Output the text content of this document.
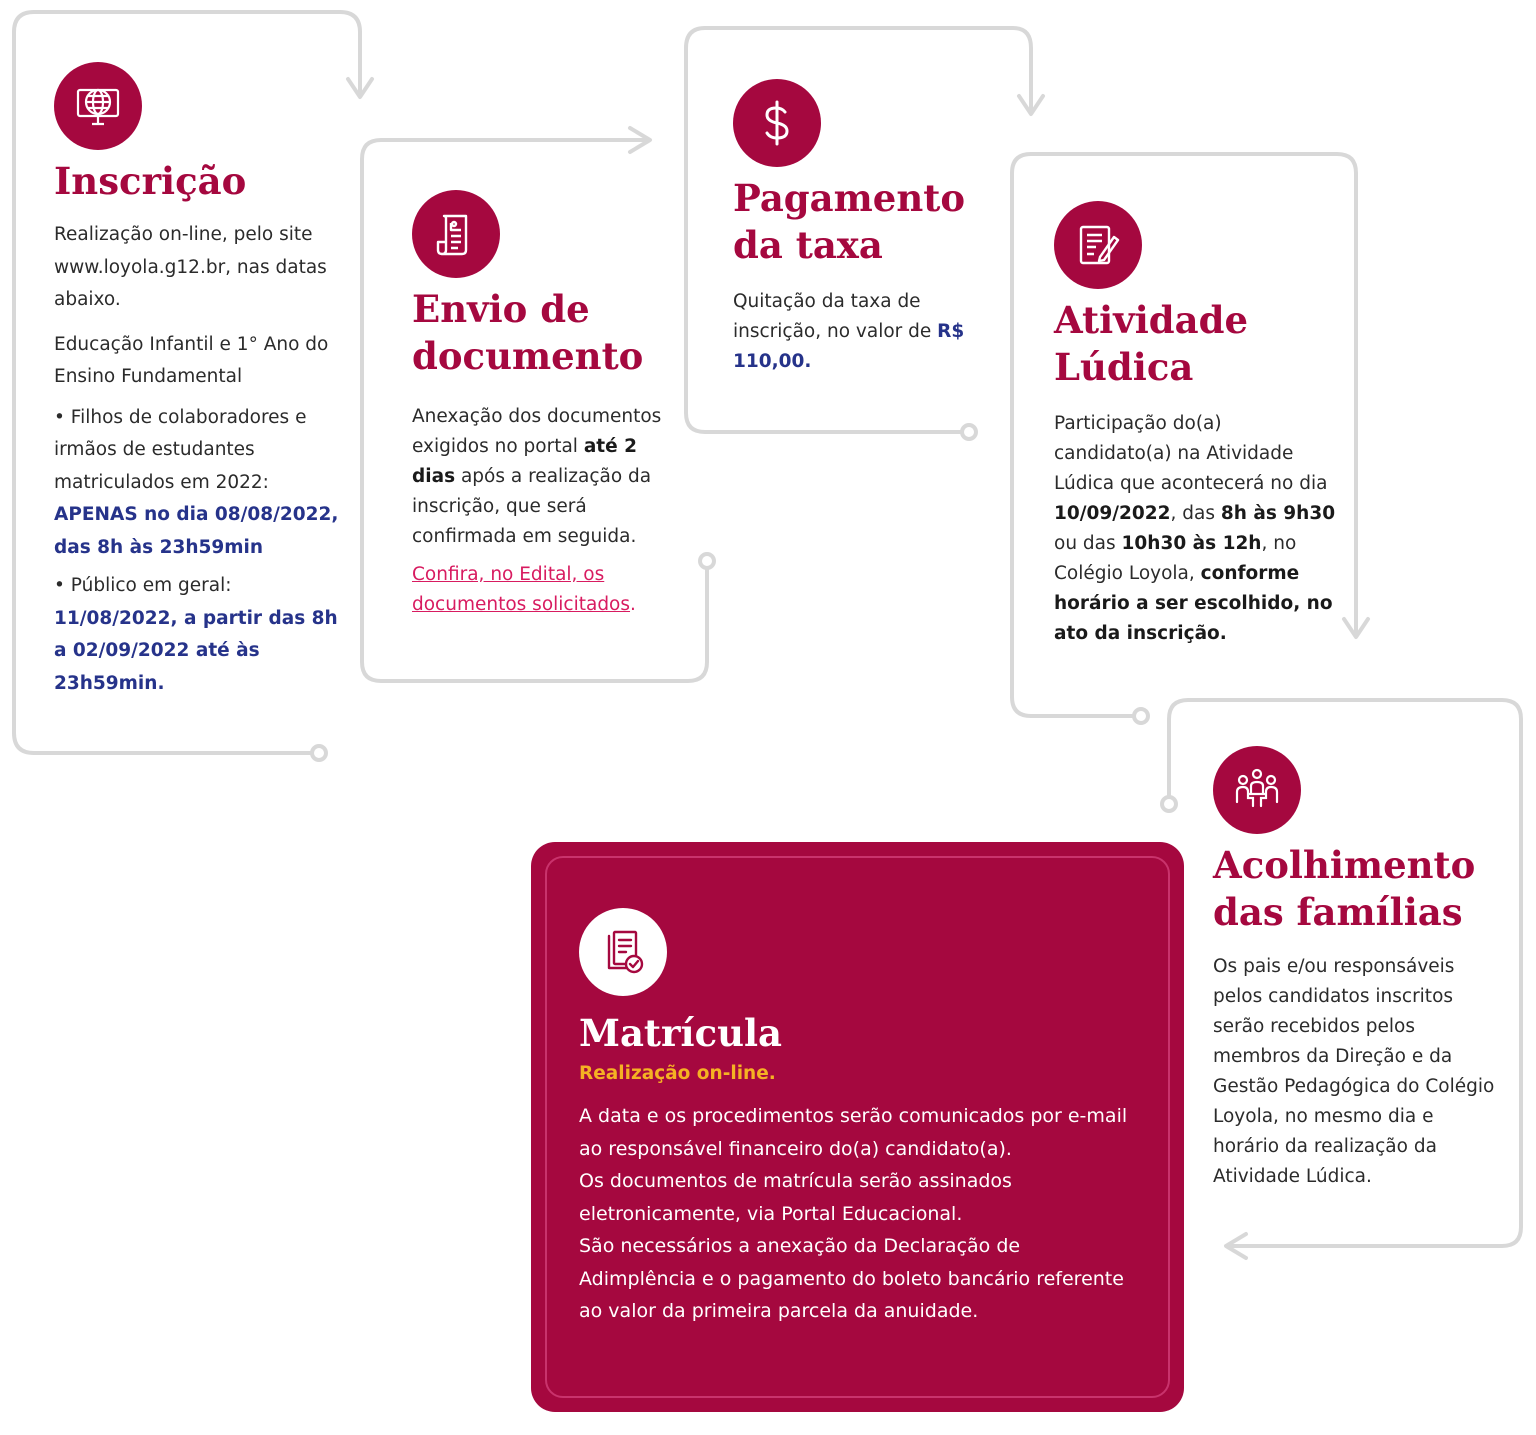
Inscrição

Realização on-line, pelo site www.loyola.g12.br, nas datas abaixo.

Educação Infantil e 1° Ano do Ensino Fundamental

• Filhos de colaboradores e irmãos de estudantes matriculados em 2022:

APENAS no dia 08/08/2022, das 8h às 23h59min

• Público em geral:

11/08/2022, a partir das 8h a 02/09/2022 até às 23h59min.

Envio de documento

Anexação dos documentos exigidos no portal até 2 dias após a realização da inscrição, que será confirmada em seguida.

Confira, no Edital, os documentos solicitados.

Pagamento da taxa

Quitação da taxa de inscrição, no valor de R$ 110,00.

Atividade Lúdica

Participação do(a) candidato(a) na Atividade Lúdica que acontecerá no dia 10/09/2022, das 8h às 9h30 ou das 10h30 às 12h, no Colégio Loyola, conforme horário a ser escolhido, no ato da inscrição.

Acolhimento das famílias

Os pais e/ou responsáveis pelos candidatos inscritos serão recebidos pelos membros da Direção e da Gestão Pedagógica do Colégio Loyola, no mesmo dia e horário da realização da Atividade Lúdica.

Matrícula

Realização on-line.

A data e os procedimentos serão comunicados por e-mail ao responsável financeiro do(a) candidato(a).

Os documentos de matrícula serão assinados eletronicamente, via Portal Educacional.

São necessários a anexação da Declaração de Adimplência e o pagamento do boleto bancário referente ao valor da primeira parcela da anuidade.
